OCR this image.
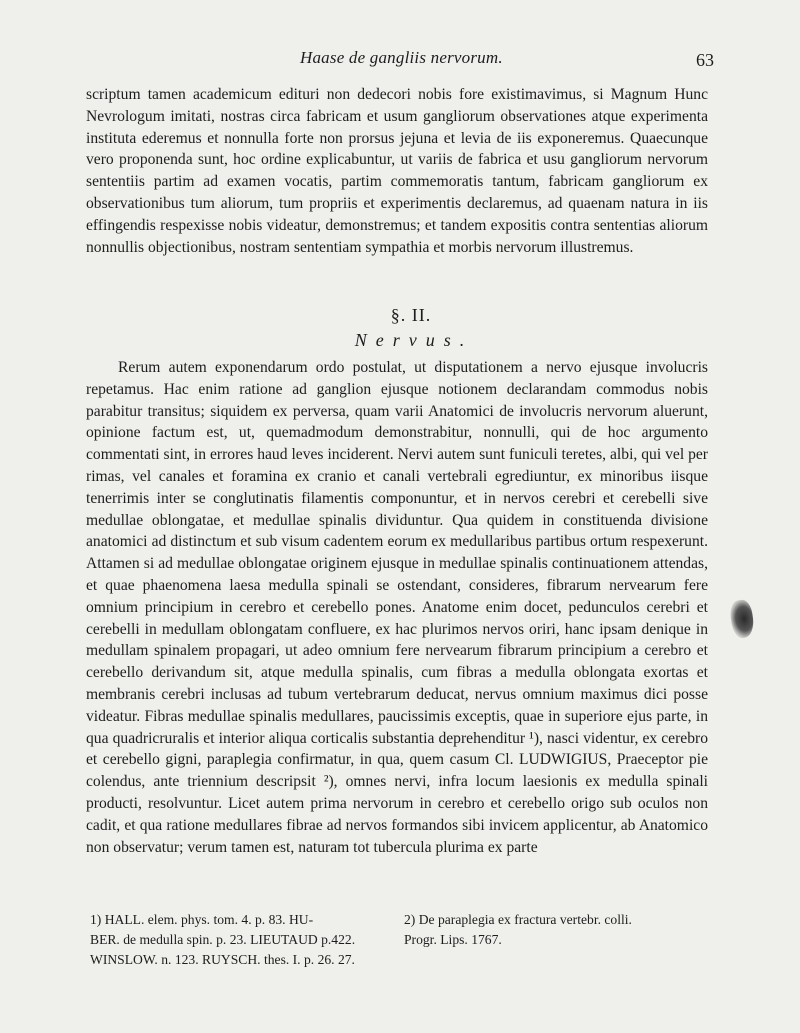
Haase de gangliis nervorum.	63

scriptum tamen academicum edituri non dedecori nobis fore existimavimus, si Magnum Hunc Nevrologum imitati, nostras circa fabricam et usum gangliorum observationes atque experimenta instituta ederemus et nonnulla forte non prorsus jejuna et levia de iis exponeremus. Quaecunque vero proponenda sunt, hoc ordine explicabuntur, ut variis de fabrica et usu gangliorum nervorum sententiis partim ad examen vocatis, partim commemoratis tantum, fabricam gangliorum ex observationibus tum aliorum, tum propriis et experimentis declaremus, ad quaenam natura in iis effingendis respexisse nobis videatur, demonstremus; et tandem expositis contra sententias aliorum nonnullis objectionibus, nostram sententiam sympathia et morbis nervorum illustremus.

§. II.
Nervus.

Rerum autem exponendarum ordo postulat, ut disputationem a nervo ejusque involucris repetamus. Hac enim ratione ad ganglion ejusque notionem declarandam commodus nobis parabitur transitus; siquidem ex perversa, quam varii Anatomici de involucris nervorum aluerunt, opinione factum est, ut, quemadmodum demonstrabitur, nonnulli, qui de hoc argumento commentati sint, in errores haud leves inciderent. Nervi autem sunt funiculi teretes, albi, qui vel per rimas, vel canales et foramina ex cranio et canali vertebrali egrediuntur, ex minoribus iisque tenerrimis inter se conglutinatis filamentis componuntur, et in nervos cerebri et cerebelli sive medullae oblongatae, et medullae spinalis dividuntur. Qua quidem in constituenda divisione anatomici ad distinctum et sub visum cadentem eorum ex medullaribus partibus ortum respexerunt. Attamen si ad medullae oblongatae originem ejusque in medullae spinalis continuationem attendas, et quae phaenomena laesa medulla spinali se ostendant, consideres, fibrarum nervearum fere omnium principium in cerebro et cerebello pones. Anatome enim docet, pedunculos cerebri et cerebelli in medullam oblongatam confluere, ex hac plurimos nervos oriri, hanc ipsam denique in medullam spinalem propagari, ut adeo omnium fere nervearum fibrarum principium a cerebro et cerebello derivandum sit, atque medulla spinalis, cum fibras a medulla oblongata exortas et membranis cerebri inclusas ad tubum vertebrarum deducat, nervus omnium maximus dici posse videatur. Fibras medullae spinalis medullares, paucissimis exceptis, quae in superiore ejus parte, in qua quadricruralis et interior aliqua corticalis substantia deprehenditur ¹), nasci videntur, ex cerebro et cerebello gigni, paraplegia confirmatur, in qua, quem casum Cl. LUDWIGIUS, Praeceptor pie colendus, ante triennium descripsit ²), omnes nervi, infra locum laesionis ex medulla spinali producti, resolvuntur. Licet autem prima nervorum in cerebro et cerebello origo sub oculos non cadit, et qua ratione medullares fibrae ad nervos formandos sibi invicem applicentur, ab Anatomico non observatur; verum tamen est, naturam tot tubercula plurima ex parte

1) HALL. elem. phys. tom. 4. p. 83. HU-
BER. de medulla spin. p. 23. LIEUTAUD p.422.
WINSLOW. n. 123. RUYSCH. thes. I. p. 26. 27.
2) De paraplegia ex fractura vertebr. colli.
Progr. Lips. 1767.
